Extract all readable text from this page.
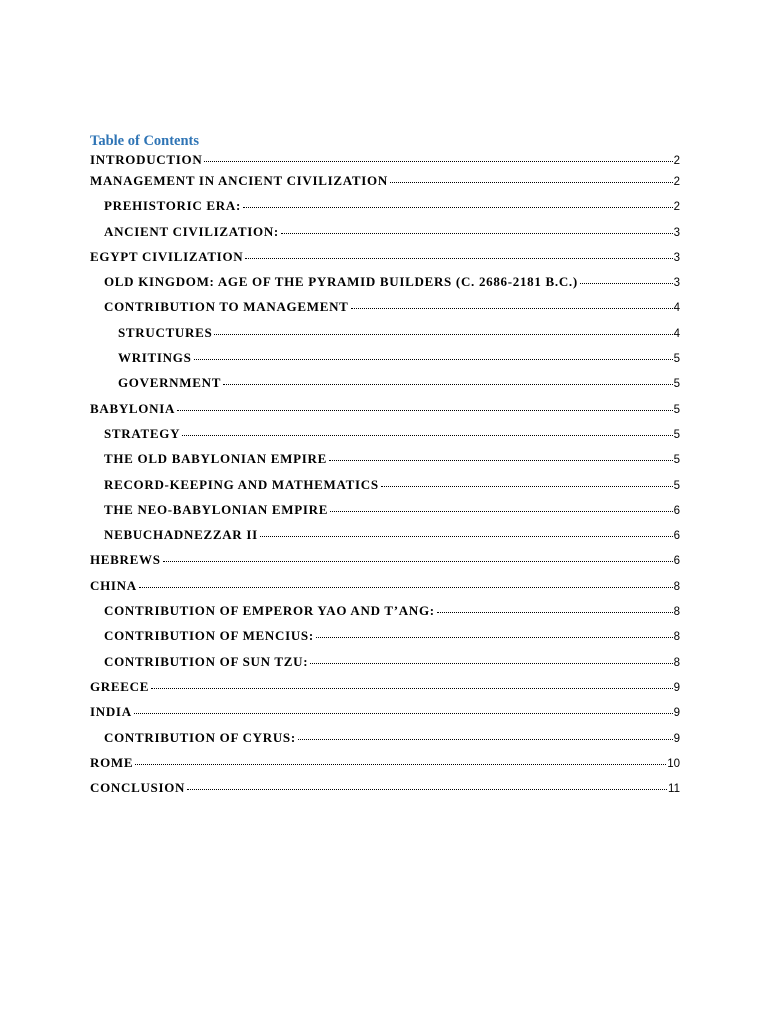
Table of Contents
INTRODUCTION	2
MANAGEMENT IN ANCIENT CIVILIZATION	2
PREHISTORIC ERA:	2
ANCIENT CIVILIZATION:	3
EGYPT CIVILIZATION	3
OLD KINGDOM: AGE OF THE PYRAMID BUILDERS (C. 2686-2181 B.C.)	3
CONTRIBUTION TO MANAGEMENT	4
STRUCTURES	4
WRITINGS	5
GOVERNMENT	5
BABYLONIA	5
STRATEGY	5
THE OLD BABYLONIAN EMPIRE	5
RECORD-KEEPING AND MATHEMATICS	5
THE NEO-BABYLONIAN EMPIRE	6
NEBUCHADNEZZAR II	6
HEBREWS	6
CHINA	8
CONTRIBUTION OF EMPEROR YAO AND T’ANG:	8
CONTRIBUTION OF MENCIUS:	8
CONTRIBUTION OF SUN TZU:	8
GREECE	9
INDIA	9
CONTRIBUTION OF CYRUS:	9
ROME	10
CONCLUSION	11
